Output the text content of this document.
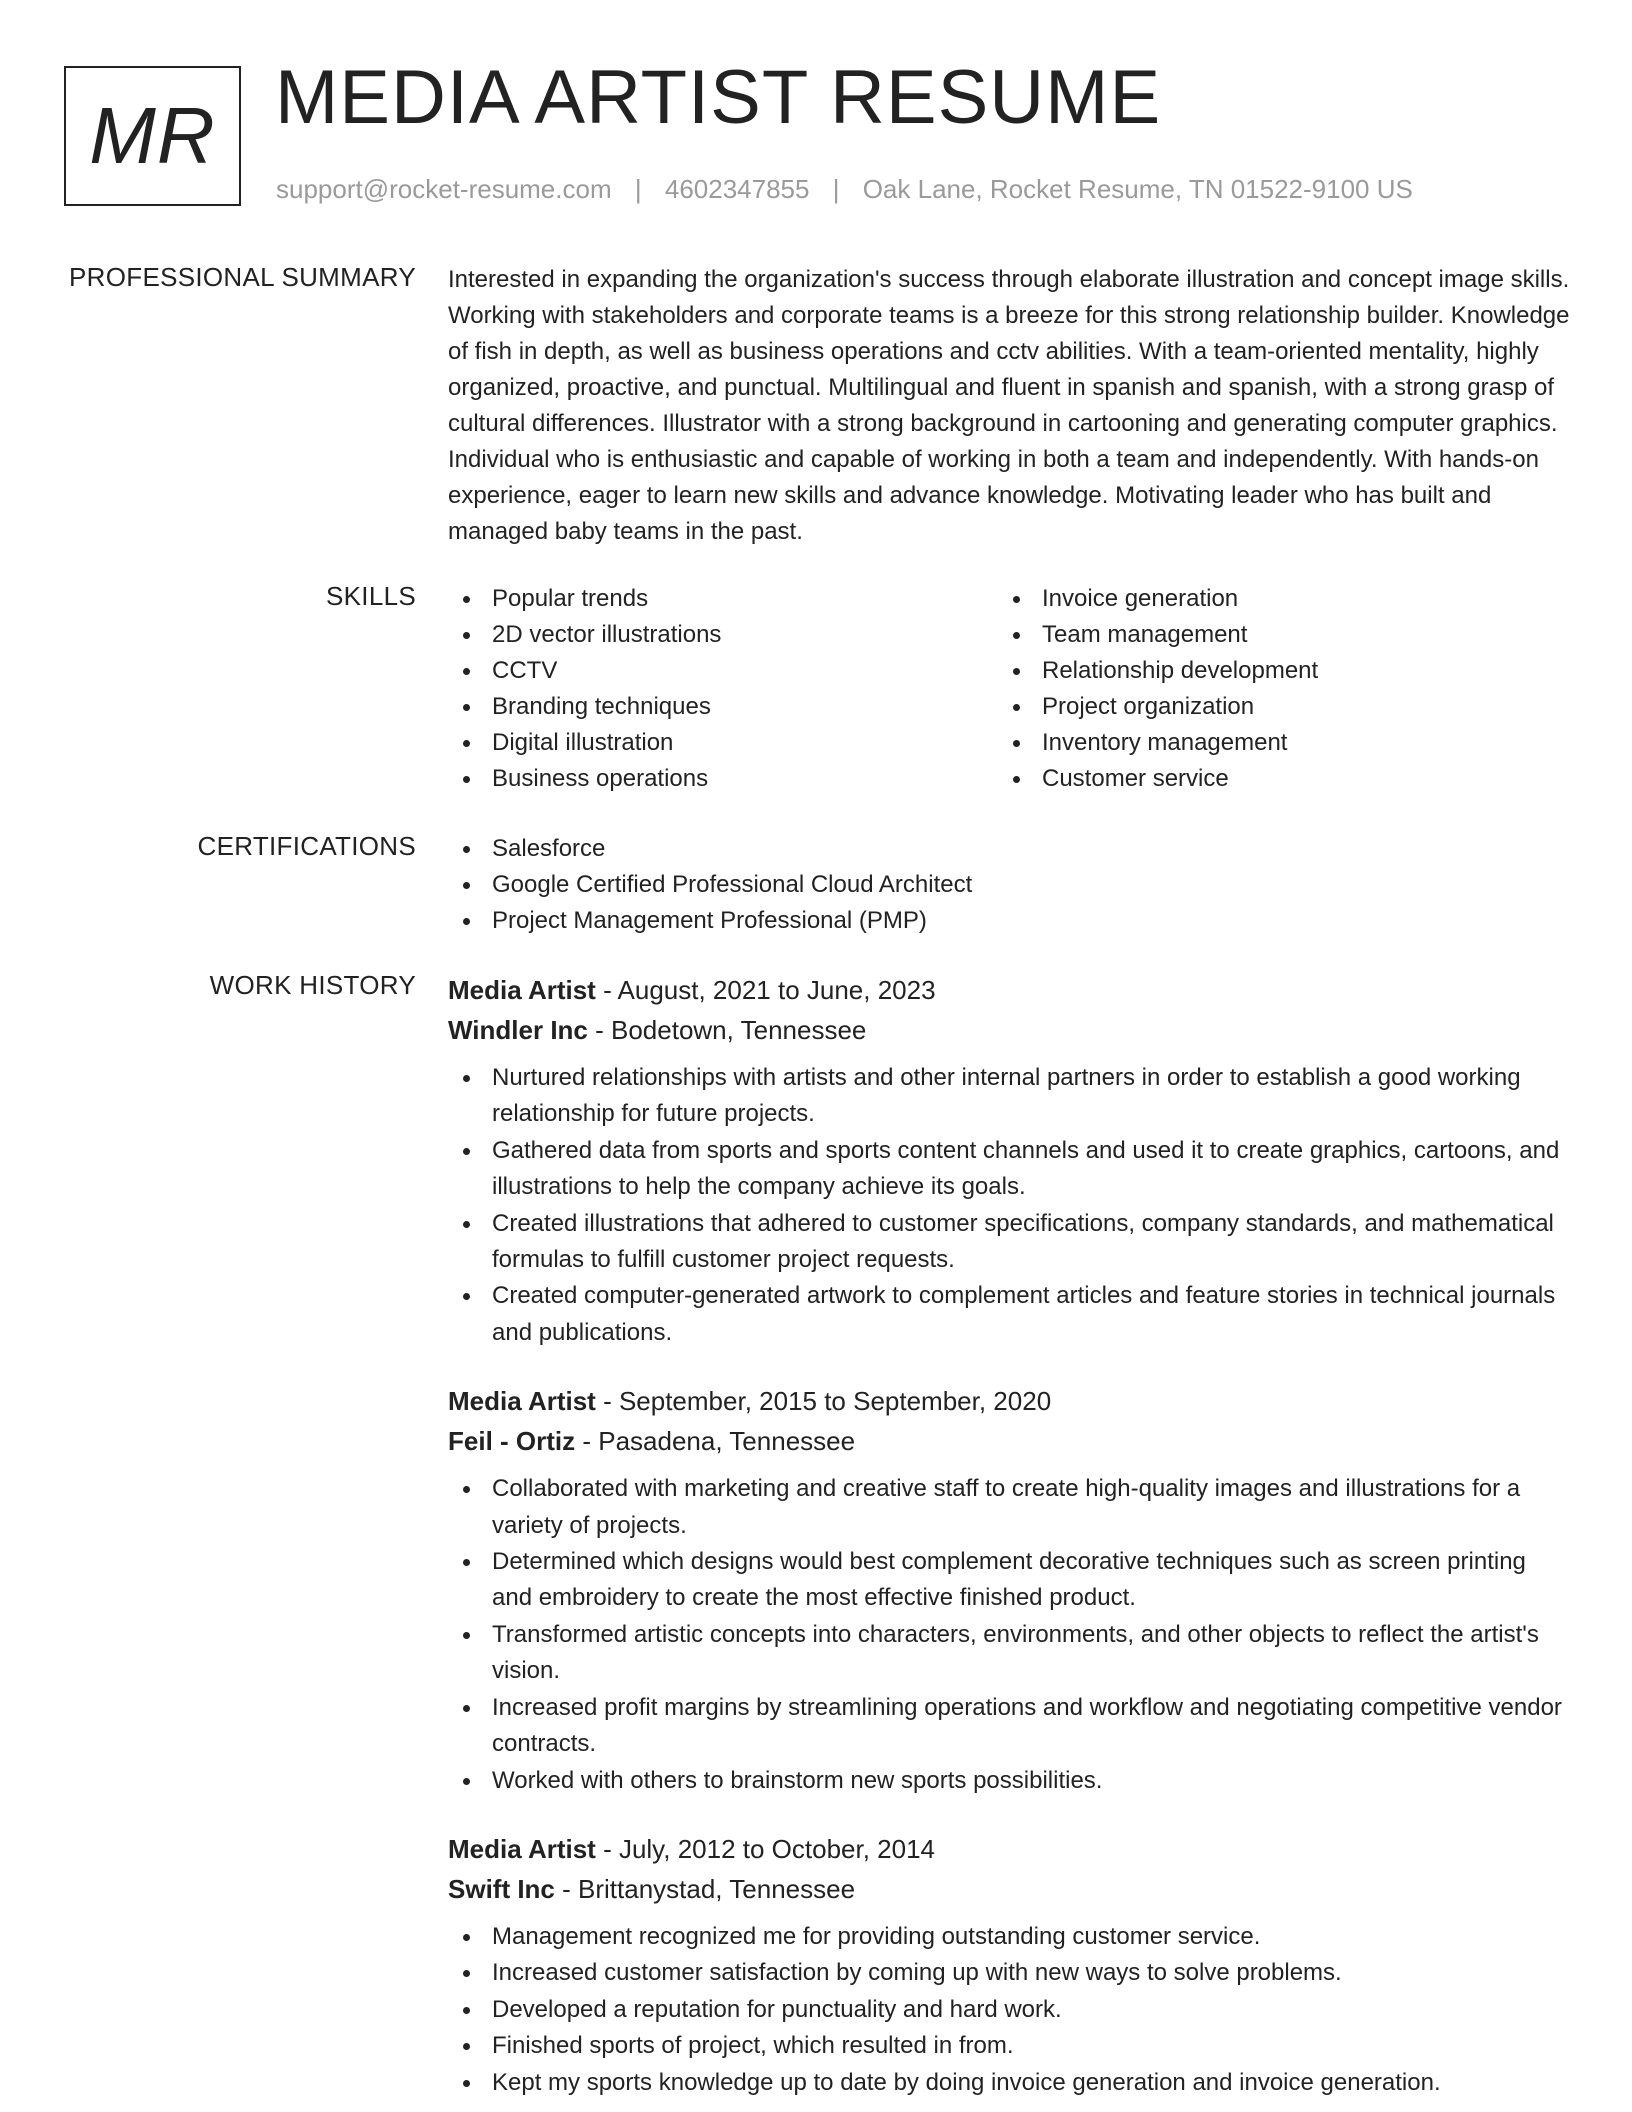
MR MEDIA ARTIST RESUME
support@rocket-resume.com | 4602347855 | Oak Lane, Rocket Resume, TN 01522-9100 US
PROFESSIONAL SUMMARY Interested in expanding the organization's success through elaborate illustration and concept image skills. Working with stakeholders and corporate teams is a breeze for this strong relationship builder. Knowledge of fish in depth, as well as business operations and cctv abilities. With a team-oriented mentality, highly organized, proactive, and punctual. Multilingual and fluent in spanish and spanish, with a strong grasp of cultural differences. Illustrator with a strong background in cartooning and generating computer graphics. Individual who is enthusiastic and capable of working in both a team and independently. With hands-on experience, eager to learn new skills and advance knowledge. Motivating leader who has built and managed baby teams in the past.

SKILLS	Popular trends
2D vector illustrations
CCTV
Branding techniques
Digital illustration
Business operations
Invoice generation
Team management
Relationship development
Project organization
Inventory management
Customer service
CERTIFICATIONS	Salesforce
Google Certified Professional Cloud Architect
Project Management Professional (PMP)
WORK HISTORY Media Artist - August, 2021 to June, 2023
Windler Inc - Bodetown, Tennessee
Nurtured relationships with artists and other internal partners in order to establish a good working relationship for future projects.
Gathered data from sports and sports content channels and used it to create graphics, cartoons, and illustrations to help the company achieve its goals.
Created illustrations that adhered to customer specifications, company standards, and mathematical formulas to fulfill customer project requests.
Created computer-generated artwork to complement articles and feature stories in technical journals and publications.
Media Artist - September, 2015 to September, 2020
Feil - Ortiz - Pasadena, Tennessee
Collaborated with marketing and creative staff to create high-quality images and illustrations for a variety of projects.
Determined which designs would best complement decorative techniques such as screen printing and embroidery to create the most effective finished product.
Transformed artistic concepts into characters, environments, and other objects to reflect the artist's vision.
Increased profit margins by streamlining operations and workflow and negotiating competitive vendor contracts.
Worked with others to brainstorm new sports possibilities.
Media Artist - July, 2012 to October, 2014
Swift Inc - Brittanystad, Tennessee
Management recognized me for providing outstanding customer service.
Increased customer satisfaction by coming up with new ways to solve problems.
Developed a reputation for punctuality and hard work.
Finished sports of project, which resulted in from.
Kept my sports knowledge up to date by doing invoice generation and invoice generation.
